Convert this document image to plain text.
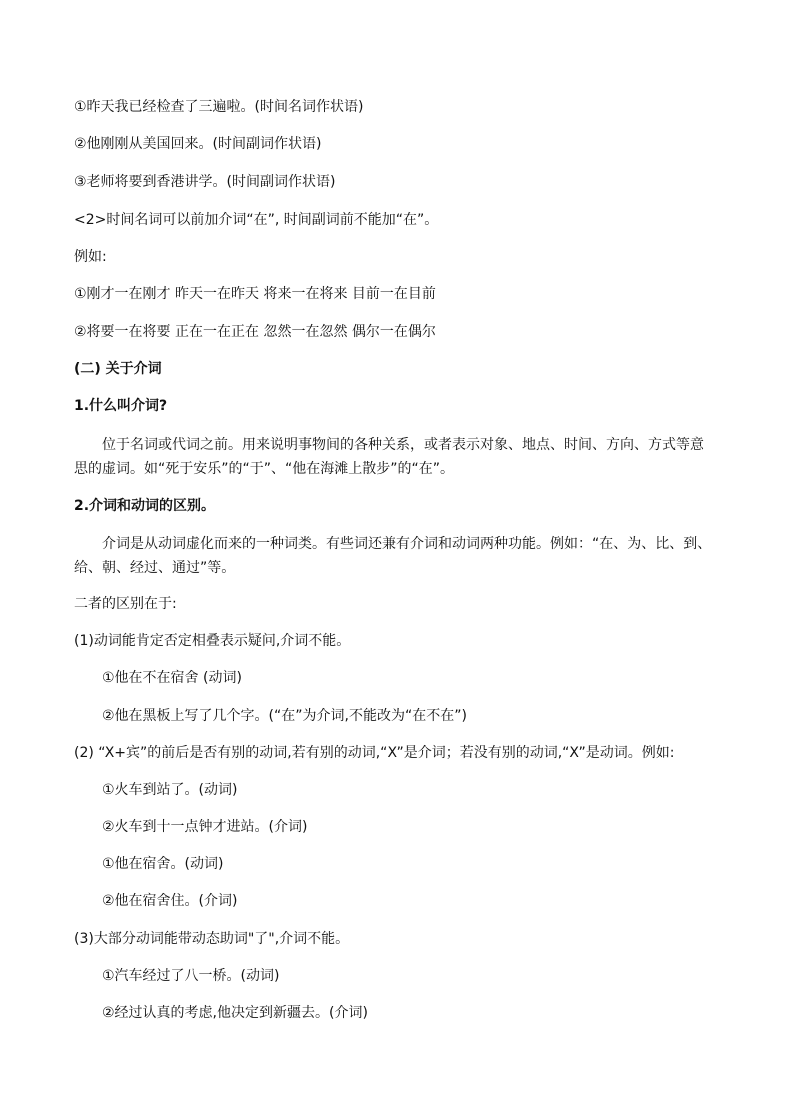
①昨天我已经检查了三遍啦。(时间名词作状语)
②他刚刚从美国回来。(时间副词作状语)
③老师将要到香港讲学。(时间副词作状语)
<2>时间名词可以前加介词“在”, 时间副词前不能加“在”。
例如:
①刚才一在刚才 昨天一在昨天 将来一在将来 目前一在目前
②将要一在将要 正在一在正在 忽然一在忽然 偶尔一在偶尔
(二) 关于介词
1.什么叫介词?
位于名词或代词之前。用来说明事物间的各种关系，或者表示对象、地点、时间、方向、方式等意思的虚词。如“死于安乐”的“于”、“他在海滩上散步”的“在”。
2.介词和动词的区别。
介词是从动词虚化而来的一种词类。有些词还兼有介词和动词两种功能。例如：“在、为、比、到、给、朝、经过、通过”等。
二者的区别在于:
(1)动词能肯定否定相叠表示疑问,介词不能。
①他在不在宿舍 (动词)
②他在黑板上写了几个字。(“在”为介词,不能改为“在不在”)
(2) “X+宾”的前后是否有别的动词,若有别的动词,“X”是介词；若没有别的动词,“X”是动词。例如:
①火车到站了。(动词)
②火车到十一点钟才进站。(介词)
①他在宿舍。(动词)
②他在宿舍住。(介词)
(3)大部分动词能带动态助词"了",介词不能。
①汽车经过了八一桥。(动词)
②经过认真的考虑,他决定到新疆去。(介词)
